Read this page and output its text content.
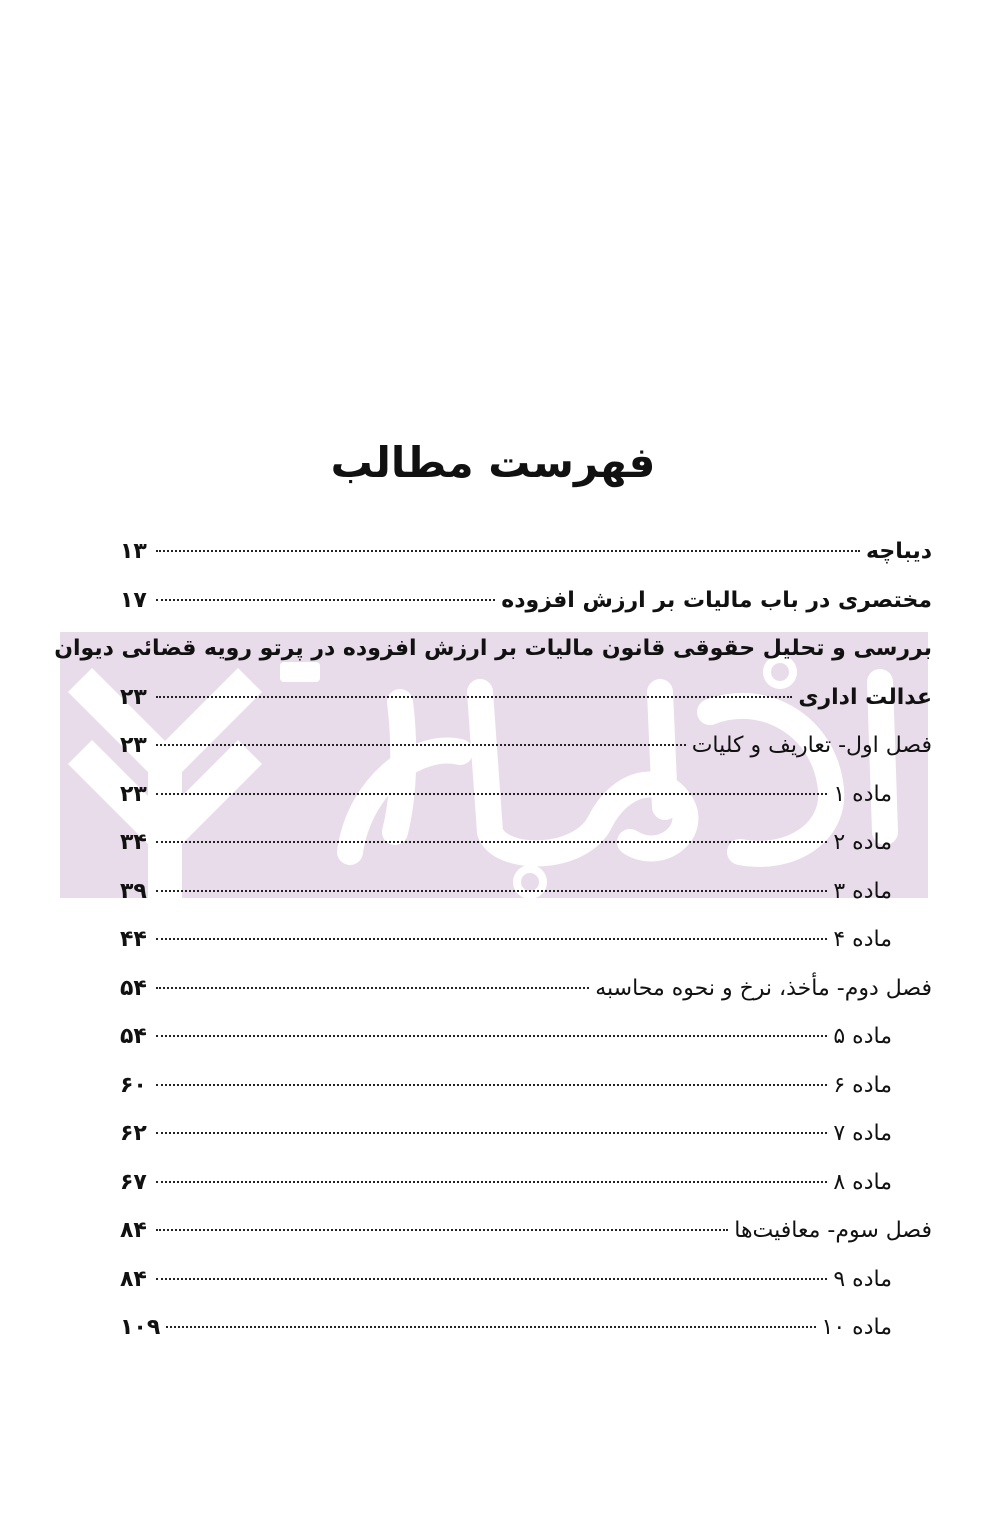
فهرست مطالب
دیباچه
۱۳
مختصری در باب مالیات بر ارزش افزوده
۱۷
بررسی و تحلیل حقوقی قانون مالیات بر ارزش افزوده در پرتو رویه قضائی دیوان
عدالت اداری
۲۳
فصل اول- تعاریف و کلیات
۲۳
ماده ۱
۲۳
ماده ۲
۳۴
ماده ۳
۳۹
ماده ۴
۴۴
فصل دوم- مأخذ، نرخ و نحوه محاسبه
۵۴
ماده ۵
۵۴
ماده ۶
۶۰
ماده ۷
۶۲
ماده ۸
۶۷
فصل سوم- معافیت‌ها
۸۴
ماده ۹
۸۴
ماده ۱۰
۱۰۹
